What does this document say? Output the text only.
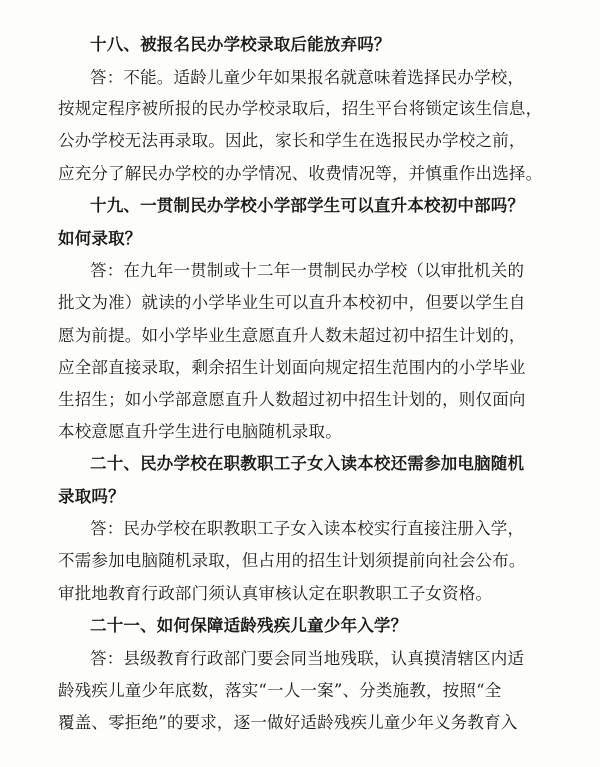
十八、被报名民办学校录取后能放弃吗？
答：不能。适龄儿童少年如果报名就意味着选择民办学校，
按规定程序被所报的民办学校录取后，招生平台将锁定该生信息，
公办学校无法再录取。因此，家长和学生在选报民办学校之前，
应充分了解民办学校的办学情况、收费情况等，并慎重作出选择。
十九、一贯制民办学校小学部学生可以直升本校初中部吗？
如何录取？
答：在九年一贯制或十二年一贯制民办学校（以审批机关的
批文为准）就读的小学毕业生可以直升本校初中，但要以学生自
愿为前提。如小学毕业生意愿直升人数未超过初中招生计划的，
应全部直接录取，剩余招生计划面向规定招生范围内的小学毕业
生招生；如小学部意愿直升人数超过初中招生计划的，则仅面向
本校意愿直升学生进行电脑随机录取。
二十、民办学校在职教职工子女入读本校还需参加电脑随机
录取吗？
答：民办学校在职教职工子女入读本校实行直接注册入学，
不需参加电脑随机录取，但占用的招生计划须提前向社会公布。
审批地教育行政部门须认真审核认定在职教职工子女资格。
二十一、如何保障适龄残疾儿童少年入学？
答：县级教育行政部门要会同当地残联，认真摸清辖区内适
龄残疾儿童少年底数，落实“一人一案”、分类施教，按照“全
覆盖、零拒绝”的要求，逐一做好适龄残疾儿童少年义务教育入
